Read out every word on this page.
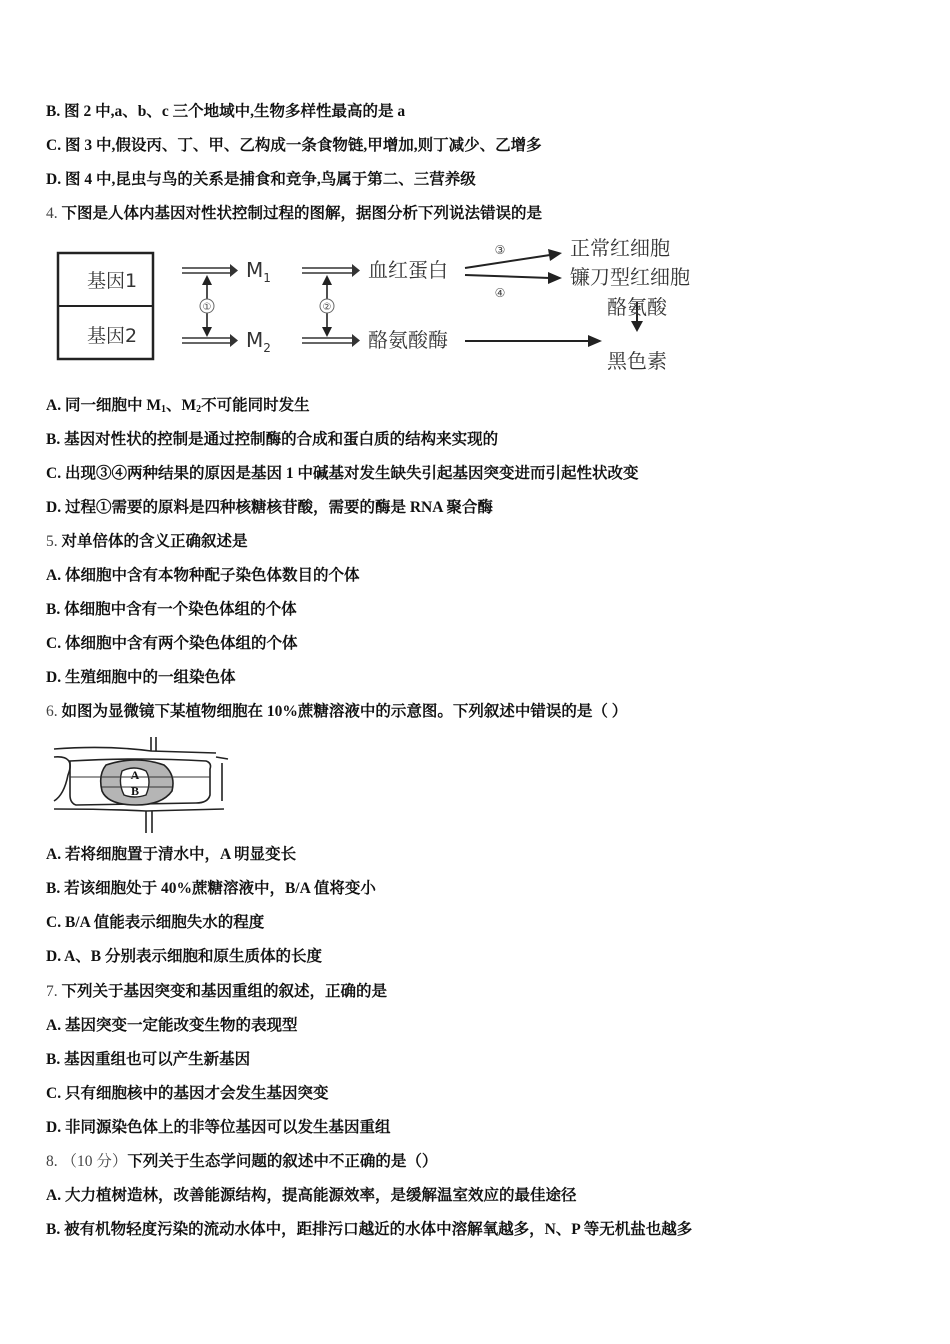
B. 图 2 中,a、b、c 三个地域中,生物多样性最高的是 a
C. 图 3 中,假设丙、丁、甲、乙构成一条食物链,甲增加,则丁减少、乙增多
D. 图 4 中,昆虫与鸟的关系是捕食和竞争,鸟属于第二、三营养级
4. 下图是人体内基因对性状控制过程的图解，据图分析下列说法错误的是
基因1
基因2
①	②
$M_1$
$M_2$
血红蛋白
酪氨酸酶
③
④
正常红细胞
镰刀型红细胞
酪氨酸
黑色素
A. 同一细胞中 $M_1$、$M_2$不可能同时发生
B. 基因对性状的控制是通过控制酶的合成和蛋白质的结构来实现的
C. 出现③④两种结果的原因是基因 1 中碱基对发生缺失引起基因突变进而引起性状改变
D. 过程①需要的原料是四种核糖核苷酸，需要的酶是 RNA 聚合酶
5. 对单倍体的含义正确叙述是
A. 体细胞中含有本物种配子染色体数目的个体
B. 体细胞中含有一个染色体组的个体
C. 体细胞中含有两个染色体组的个体
D. 生殖细胞中的一组染色体
6. 如图为显微镜下某植物细胞在 10%蔗糖溶液中的示意图。下列叙述中错误的是（ ）
A
B
A. 若将细胞置于清水中，A 明显变长
B. 若该细胞处于 40%蔗糖溶液中，B/A 值将变小
C. B/A 值能表示细胞失水的程度
D. A、B 分别表示细胞和原生质体的长度
7. 下列关于基因突变和基因重组的叙述，正确的是
A. 基因突变一定能改变生物的表现型
B. 基因重组也可以产生新基因
C. 只有细胞核中的基因才会发生基因突变
D. 非同源染色体上的非等位基因可以发生基因重组
8. （10 分）下列关于生态学问题的叙述中不正确的是（）
A. 大力植树造林，改善能源结构，提高能源效率，是缓解温室效应的最佳途径
B. 被有机物轻度污染的流动水体中，距排污口越近的水体中溶解氧越多，N、P 等无机盐也越多
